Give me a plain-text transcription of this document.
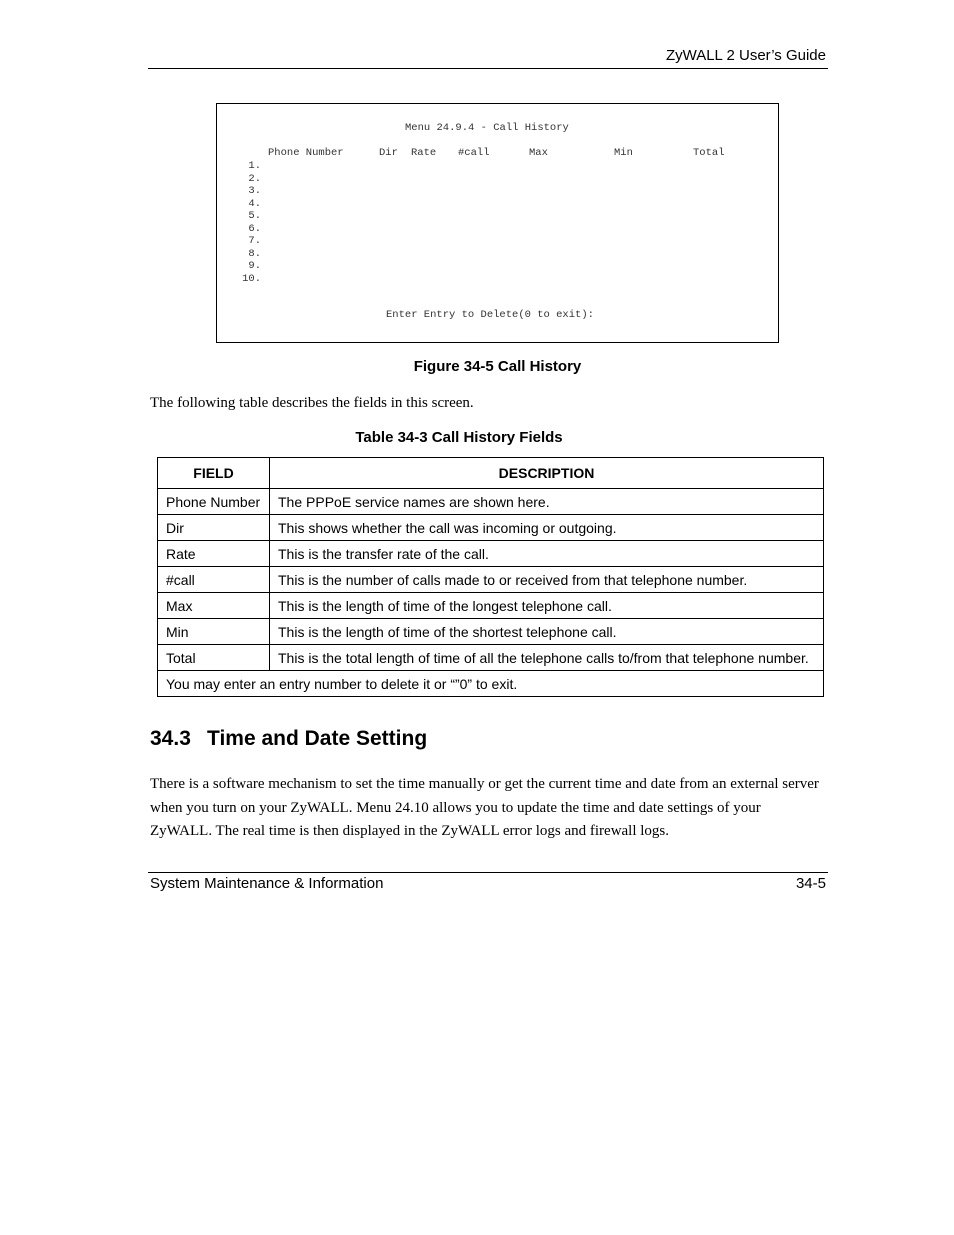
ZyWALL 2 User’s Guide
Menu 24.9.4 - Call History
Phone Number	Dir Rate #call	Max	Min	Total
1.
2.
3.
4.
5.
6.
7.
8.
9.
10.
Enter Entry to Delete(0 to exit):
Figure 34-5 Call History
The following table describes the fields in this screen.
Table 34-3 Call History Fields
FIELD	DESCRIPTION
Phone Number	The PPPoE service names are shown here.
Dir	This shows whether the call was incoming or outgoing.
Rate	This is the transfer rate of the call.
#call	This is the number of calls made to or received from that telephone number.
Max	This is the length of time of the longest telephone call.
Min	This is the length of time of the shortest telephone call.
Total	This is the total length of time of all the telephone calls to/from that telephone number.
You may enter an entry number to delete it or “”0” to exit.	
34.3 Time and Date Setting
There is a software mechanism to set the time manually or get the current time and date from an external server when you turn on your ZyWALL. Menu 24.10 allows you to update the time and date settings of your ZyWALL. The real time is then displayed in the ZyWALL error logs and firewall logs.
System Maintenance & Information	34-5
